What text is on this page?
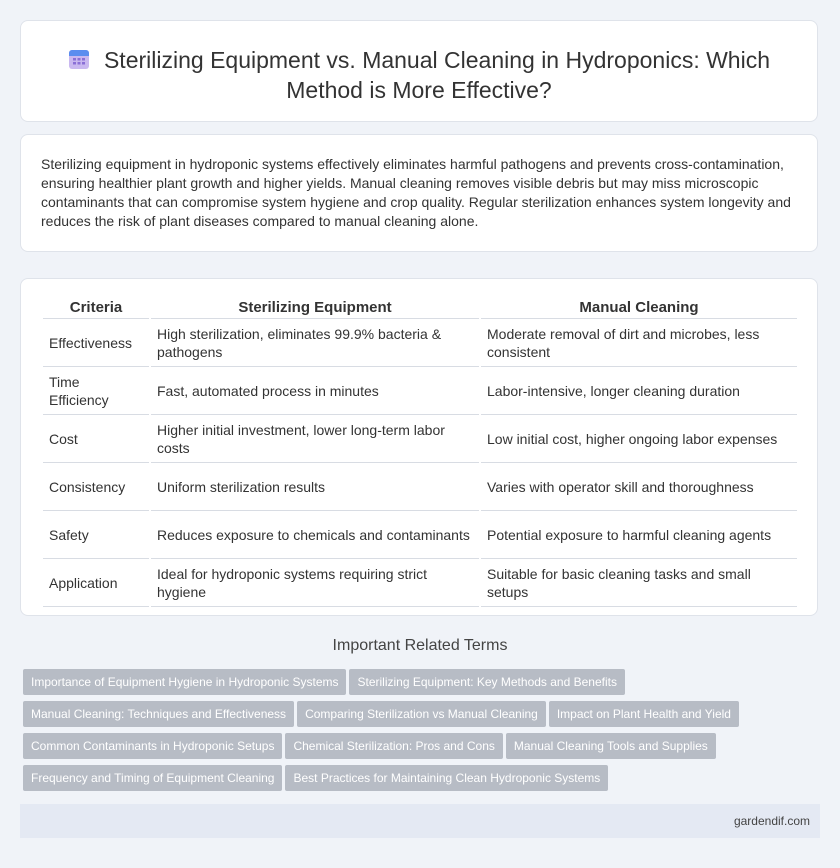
Sterilizing Equipment vs. Manual Cleaning in Hydroponics: Which
Method is More Effective?

Sterilizing equipment in hydroponic systems effectively eliminates harmful pathogens and prevents cross-contamination, ensuring healthier plant growth and higher yields. Manual cleaning removes visible debris but may miss microscopic contaminants that can compromise system hygiene and crop quality. Regular sterilization enhances system longevity and reduces the risk of plant diseases compared to manual cleaning alone.

Criteria	Sterilizing Equipment	Manual Cleaning
Effectiveness	High sterilization, eliminates 99.9% bacteria & pathogens	Moderate removal of dirt and microbes, less consistent
Time Efficiency	Fast, automated process in minutes	Labor-intensive, longer cleaning duration
Cost	Higher initial investment, lower long-term labor costs	Low initial cost, higher ongoing labor expenses
Consistency	Uniform sterilization results	Varies with operator skill and thoroughness
Safety	Reduces exposure to chemicals and contaminants	Potential exposure to harmful cleaning agents
Application	Ideal for hydroponic systems requiring strict hygiene	Suitable for basic cleaning tasks and small setups
Important Related Terms
Importance of Equipment Hygiene in Hydroponic Systems Sterilizing Equipment: Key Methods and Benefits
Manual Cleaning: Techniques and Effectiveness Comparing Sterilization vs Manual Cleaning Impact on Plant Health and Yield
Common Contaminants in Hydroponic Setups Chemical Sterilization: Pros and Cons Manual Cleaning Tools and Supplies
Frequency and Timing of Equipment Cleaning Best Practices for Maintaining Clean Hydroponic Systems
gardendif.com
